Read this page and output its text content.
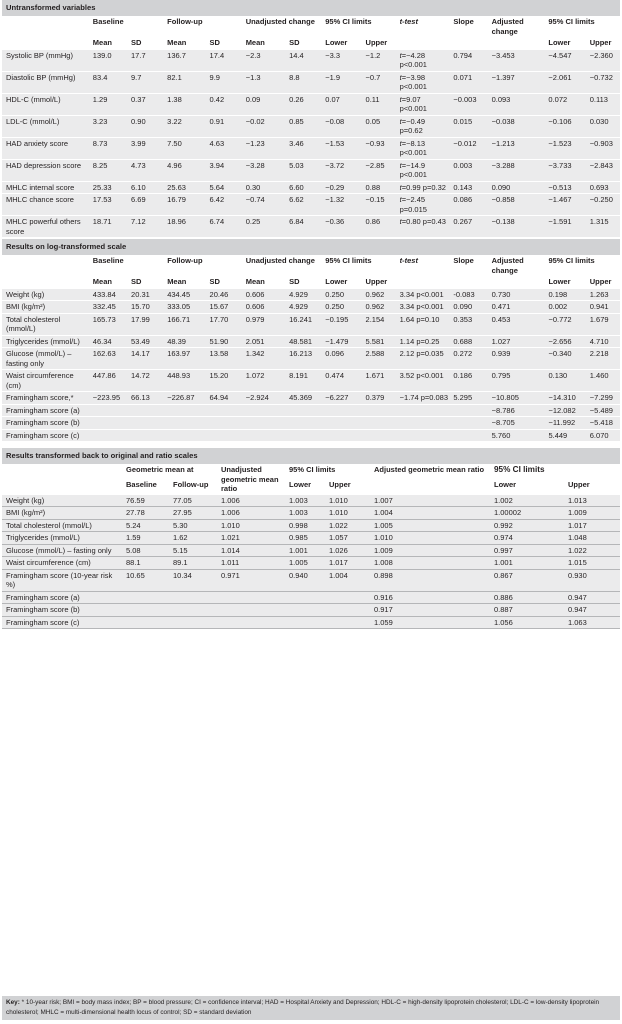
Untransformed variables													
	Baseline		Follow-up		Unadjusted change		95% CI limits		t-test	Slope	Adjusted change	95% CI limits	
	Mean	SD	Mean	SD	Mean	SD	Lower	Upper				Lower	Upper
Systolic BP (mmHg)	139.0	17.7	136.7	17.4	−2.3	14.4	−3.3	−1.2	t=−4.28 p<0.001	0.794	−3.453	−4.547	−2.360
Diastolic BP (mmHg)	83.4	9.7	82.1	9.9	−1.3	8.8	−1.9	−0.7	t=−3.98 p<0.001	0.071	−1.397	−2.061	−0.732
HDL-C (mmol/L)	1.29	0.37	1.38	0.42	0.09	0.26	0.07	0.11	t=9.07 p<0.001	−0.003	0.093	0.072	0.113
LDL-C (mmol/L)	3.23	0.90	3.22	0.91	−0.02	0.85	−0.08	0.05	t=−0.49 p=0.62	0.015	−0.038	−0.106	0.030
HAD anxiety score	8.73	3.99	7.50	4.63	−1.23	3.46	−1.53	−0.93	t=−8.13 p<0.001	−0.012	−1.213	−1.523	−0.903
HAD depression score	8.25	4.73	4.96	3.94	−3.28	5.03	−3.72	−2.85	t=−14.9 p<0.001	0.003	−3.288	−3.733	−2.843
MHLC internal score	25.33	6.10	25.63	5.64	0.30	6.60	−0.29	0.88	t=0.99 p=0.32	0.143	0.090	−0.513	0.693
MHLC chance score	17.53	6.69	16.79	6.42	−0.74	6.62	−1.32	−0.15	t=−2.45 p=0.015	0.086	−0.858	−1.467	−0.250
MHLC powerful others score	18.71	7.12	18.96	6.74	0.25	6.84	−0.36	0.86	t=0.80 p=0.43	0.267	−0.138	−1.591	1.315
Results on log-transformed scale													
	Baseline		Follow-up		Unadjusted change		95% CI limits		t-test	Slope	Adjusted change	95% CI limits	
	Mean	SD	Mean	SD	Mean	SD	Lower	Upper				Lower	Upper
Weight (kg)	433.84	20.31	434.45	20.46	0.606	4.929	0.250	0.962	3.34 p<0.001	-0.083	0.730	0.198	1.263
BMI (kg/m²)	332.45	15.70	333.05	15.67	0.606	4.929	0.250	0.962	3.34 p<0.001	0.090	0.471	0.002	0.941
Total cholesterol (mmol/L)	165.73	17.99	166.71	17.70	0.979	16.241	−0.195	2.154	1.64 p=0.10	0.353	0.453	−0.772	1.679
Triglycerides (mmol/L)	46.34	53.49	48.39	51.90	2.051	48.581	−1.479	5.581	1.14 p=0.25	0.688	1.027	−2.656	4.710
Glucose (mmol/L) – fasting only	162.63	14.17	163.97	13.58	1.342	16.213	0.096	2.588	2.12 p=0.035	0.272	0.939	−0.340	2.218
Waist circumference (cm)	447.86	14.72	448.93	15.20	1.072	8.191	0.474	1.671	3.52 p<0.001	0.186	0.795	0.130	1.460
Framingham score,*	−223.95	66.13	−226.87	64.94	−2.924	45.369	−6.227	0.379	−1.74 p=0.083	5.295	−10.805	−14.310	−7.299
Framingham score (a)											−8.786	−12.082	−5.489
Framingham score (b)											−8.705	−11.992	−5.418
Framingham score (c)											5.760	5.449	6.070
Results transformed back to original and ratio scales								
	Geometric mean at		Unadjusted geometric mean ratio	95% CI limits		Adjusted geometric mean ratio	95% CI limits	
	Baseline	Follow-up		Lower	Upper		Lower	Upper
Weight (kg)	76.59	77.05	1.006	1.003	1.010	1.007	1.002	1.013
BMI (kg/m²)	27.78	27.95	1.006	1.003	1.010	1.004	1.00002	1.009
Total cholesterol (mmol/L)	5.24	5.30	1.010	0.998	1.022	1.005	0.992	1.017
Triglycerides (mmol/L)	1.59	1.62	1.021	0.985	1.057	1.010	0.974	1.048
Glucose (mmol/L) – fasting only	5.08	5.15	1.014	1.001	1.026	1.009	0.997	1.022
Waist circumference (cm)	88.1	89.1	1.011	1.005	1.017	1.008	1.001	1.015
Framingham score (10-year risk %)	10.65	10.34	0.971	0.940	1.004	0.898	0.867	0.930
Framingham score (a)						0.916	0.886	0.947
Framingham score (b)						0.917	0.887	0.947
Framingham score (c)						1.059	1.056	1.063
Key: * 10-year risk; BMI = body mass index; BP = blood pressure; CI = confidence interval; HAD = Hospital Anxiety and Depression; HDL-C = high-density lipoprotein cholesterol; LDL-C = low-density lipoprotein cholesterol; MHLC = multi-dimensional health locus of control; SD = standard deviation
